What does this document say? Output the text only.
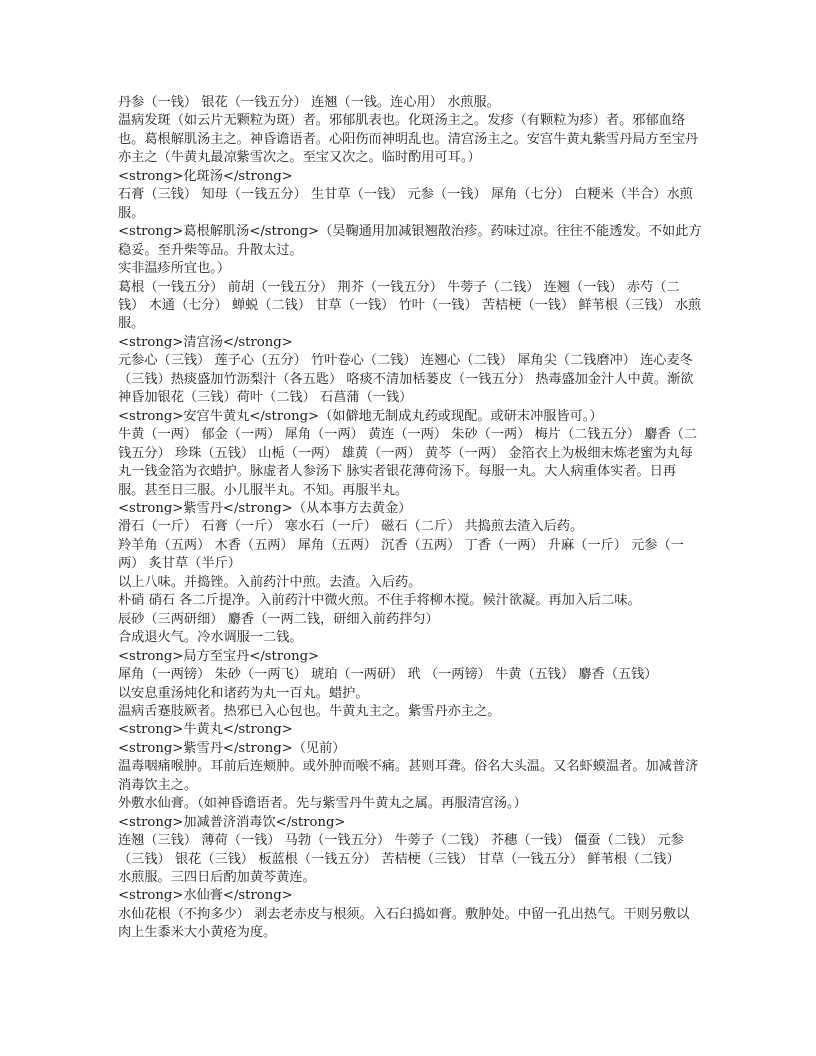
丹参（一钱） 银花（一钱五分） 连翘（一钱。连心用） 水煎服。

温病发斑（如云片无颗粒为斑）者。邪郁肌表也。化斑汤主之。发疹（有颗粒为疹）者。邪郁血络也。葛根解肌汤主之。神昏谵语者。心阳伤而神明乱也。清宫汤主之。安宫牛黄丸紫雪丹局方至宝丹亦主之（牛黄丸最凉紫雪次之。至宝又次之。临时酌用可耳。）

<strong>化斑汤</strong>

石膏（三钱） 知母（一钱五分） 生甘草（一钱） 元参（一钱） 犀角（七分） 白粳米（半合）水煎服。

<strong>葛根解肌汤</strong>（吴鞠通用加减银翘散治疹。药味过凉。往往不能透发。不如此方稳妥。至升柴等品。升散太过。

实非温疹所宜也。）

葛根（一钱五分） 前胡（一钱五分） 荆芥（一钱五分） 牛蒡子（二钱） 连翘（一钱） 赤芍（二钱） 木通（七分） 蝉蜕（二钱） 甘草（一钱） 竹叶（一钱） 苦桔梗（一钱） 鲜苇根（三钱） 水煎服。

<strong>清宫汤</strong>

元参心（三钱） 莲子心（五分） 竹叶卷心（二钱） 连翘心（二钱） 犀角尖（二钱磨冲） 连心麦冬（三钱）热痰盛加竹沥梨汁（各五匙） 咯痰不清加栝蒌皮（一钱五分） 热毒盛加金汁人中黄。渐欲神昏加银花（三钱）荷叶（二钱） 石菖蒲（一钱）

<strong>安宫牛黄丸</strong>（如僻地无制成丸药或现配。或研末冲服皆可。）

牛黄（一两） 郁金（一两） 犀角（一两） 黄连（一两） 朱砂（一两） 梅片（二钱五分） 麝香（二钱五分） 珍珠（五钱） 山栀（一两） 雄黄（一两） 黄芩（一两） 金箔衣上为极细末炼老蜜为丸每丸一钱金箔为衣蜡护。脉虚者人参汤下 脉实者银花薄荷汤下。每服一丸。大人病重体实者。日再服。甚至日三服。小儿服半丸。不知。再服半丸。

<strong>紫雪丹</strong>（从本事方去黄金）

滑石（一斤） 石膏（一斤） 寒水石（一斤） 磁石（二斤） 共捣煎去渣入后药。

羚羊角（五两） 木香（五两） 犀角（五两） 沉香（五两） 丁香（一两） 升麻（一斤） 元参（一两） 炙甘草（半斤）

以上八味。并捣锉。入前药汁中煎。去渣。入后药。

朴硝 硝石 各二斤提净。入前药汁中微火煎。不住手将柳木搅。候汁欲凝。再加入后二味。

辰砂（三两研细） 麝香（一两二钱，研细入前药拌匀）

合成退火气。冷水调服一二钱。

<strong>局方至宝丹</strong>

犀角（一两镑） 朱砂（一两飞） 琥珀（一两研） 玳 （一两镑） 牛黄（五钱） 麝香（五钱）

以安息重汤炖化和诸药为丸一百丸。蜡护。

温病舌蹇肢厥者。热邪已入心包也。牛黄丸主之。紫雪丹亦主之。

<strong>牛黄丸</strong>

<strong>紫雪丹</strong>（见前）

温毒咽痛喉肿。耳前后连颊肿。或外肿而喉不痛。甚则耳聋。俗名大头温。又名虾蟆温者。加减普济消毒饮主之。

外敷水仙膏。（如神昏谵语者。先与紫雪丹牛黄丸之属。再服清宫汤。）

<strong>加减普济消毒饮</strong>

连翘（三钱） 薄荷（一钱） 马勃（一钱五分） 牛蒡子（二钱） 芥穗（一钱） 僵蚕（二钱） 元参（三钱） 银花（三钱） 板蓝根（一钱五分） 苦桔梗（三钱） 甘草（一钱五分） 鲜苇根（二钱）

水煎服。三四日后酌加黄芩黄连。

<strong>水仙膏</strong>

水仙花根（不拘多少） 剥去老赤皮与根须。入石臼捣如膏。敷肿处。中留一孔出热气。干则另敷以肉上生黍米大小黄疮为度。
